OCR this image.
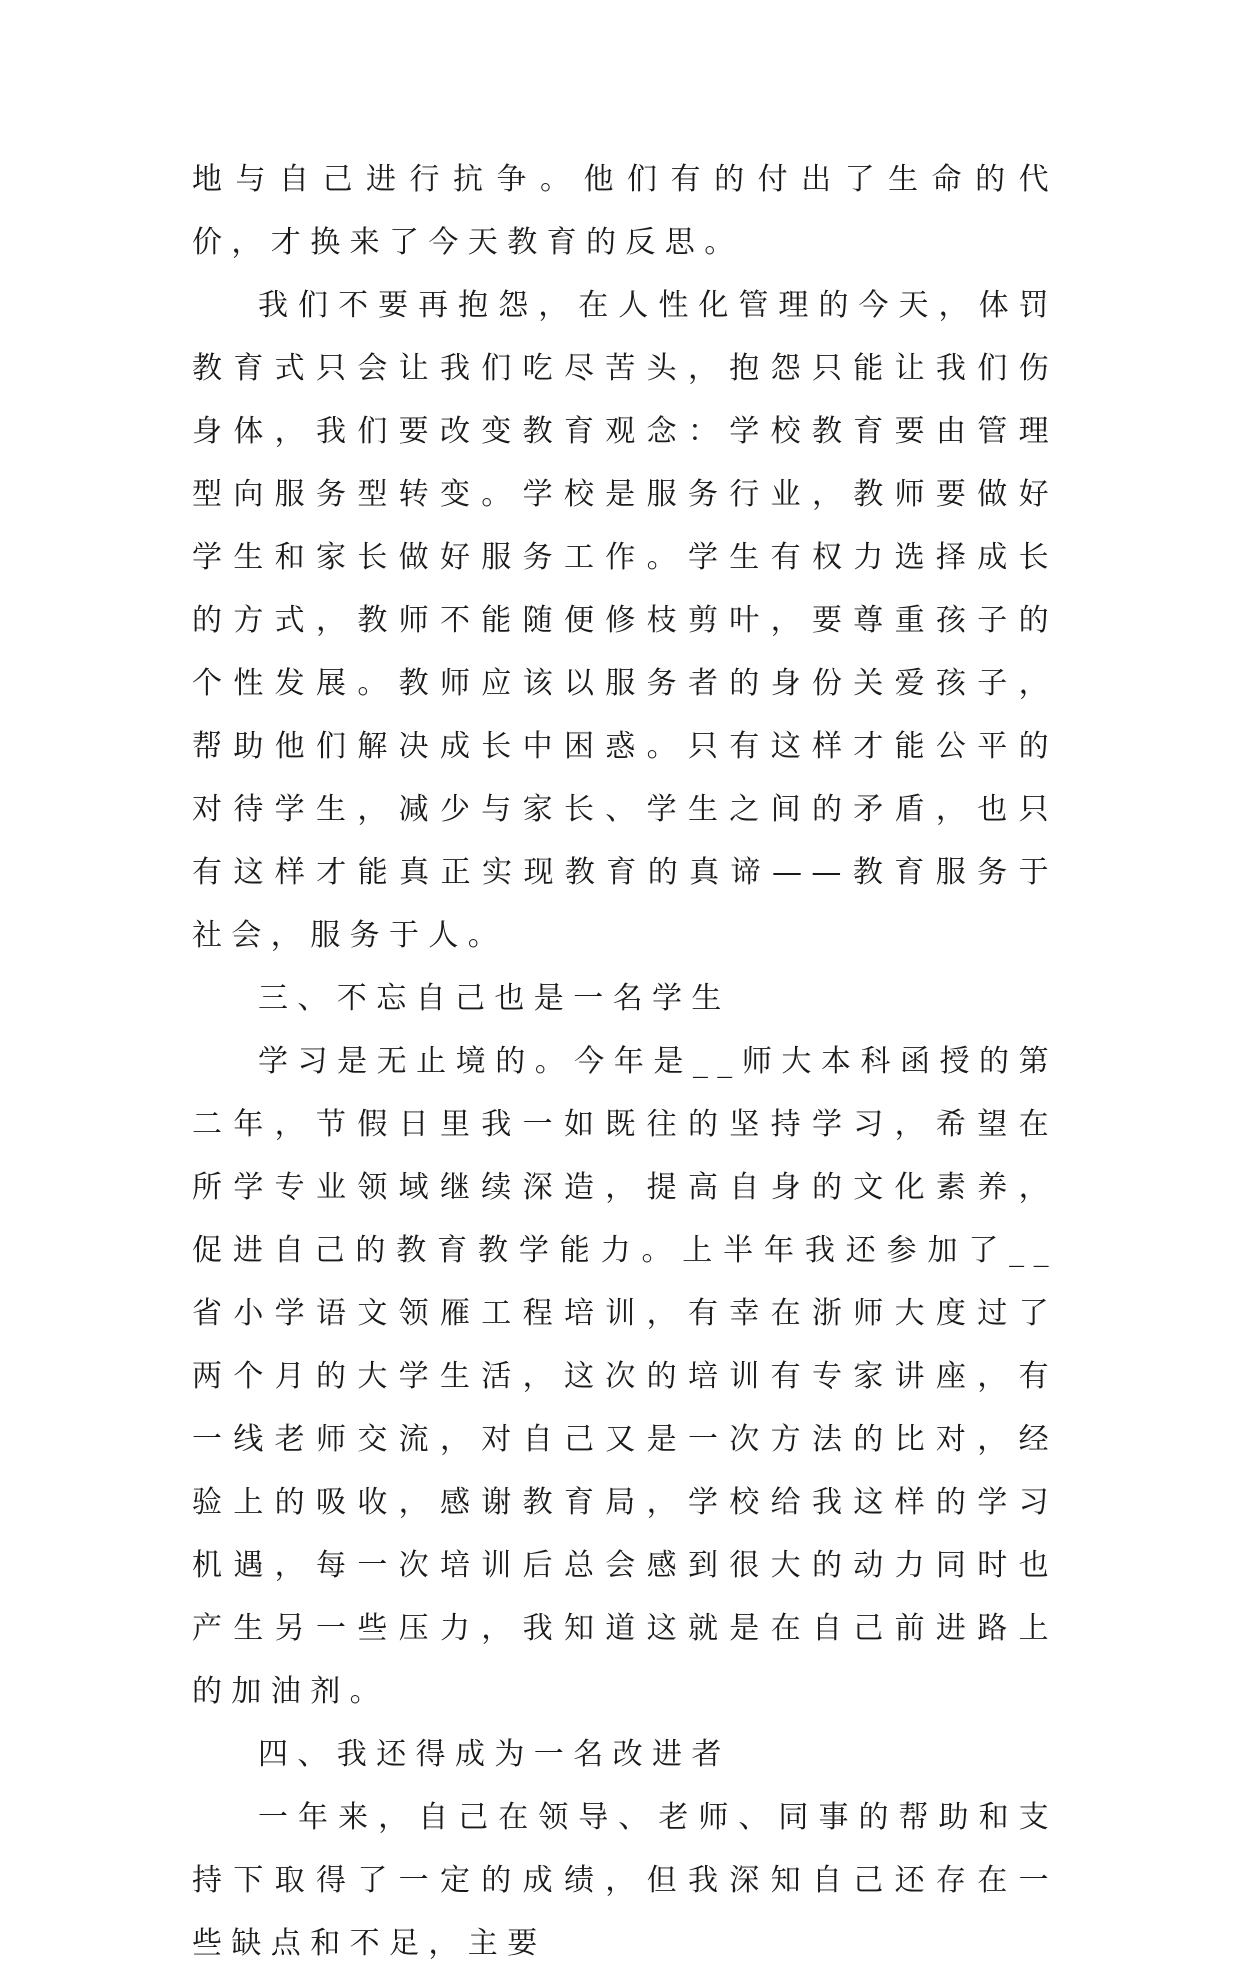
地与自己进行抗争。他们有的付出了生命的代价，才换来了今天教育的反思。

我们不要再抱怨，在人性化管理的今天，体罚教育式只会让我们吃尽苦头，抱怨只能让我们伤身体，我们要改变教育观念：学校教育要由管理型向服务型转变。学校是服务行业，教师要做好学生和家长做好服务工作。学生有权力选择成长的方式，教师不能随便修枝剪叶，要尊重孩子的个性发展。教师应该以服务者的身份关爱孩子，帮助他们解决成长中困惑。只有这样才能公平的对待学生，减少与家长、学生之间的矛盾，也只有这样才能真正实现教育的真谛——教育服务于社会，服务于人。

三、不忘自己也是一名学生

学习是无止境的。今年是__师大本科函授的第二年，节假日里我一如既往的坚持学习，希望在所学专业领域继续深造，提高自身的文化素养，促进自己的教育教学能力。上半年我还参加了__省小学语文领雁工程培训，有幸在浙师大度过了两个月的大学生活，这次的培训有专家讲座，有一线老师交流，对自己又是一次方法的比对，经验上的吸收，感谢教育局，学校给我这样的学习机遇，每一次培训后总会感到很大的动力同时也产生另一些压力，我知道这就是在自己前进路上的加油剂。

四、我还得成为一名改进者

一年来，自己在领导、老师、同事的帮助和支持下取得了一定的成绩，但我深知自己还存在一些缺点和不足，主要
